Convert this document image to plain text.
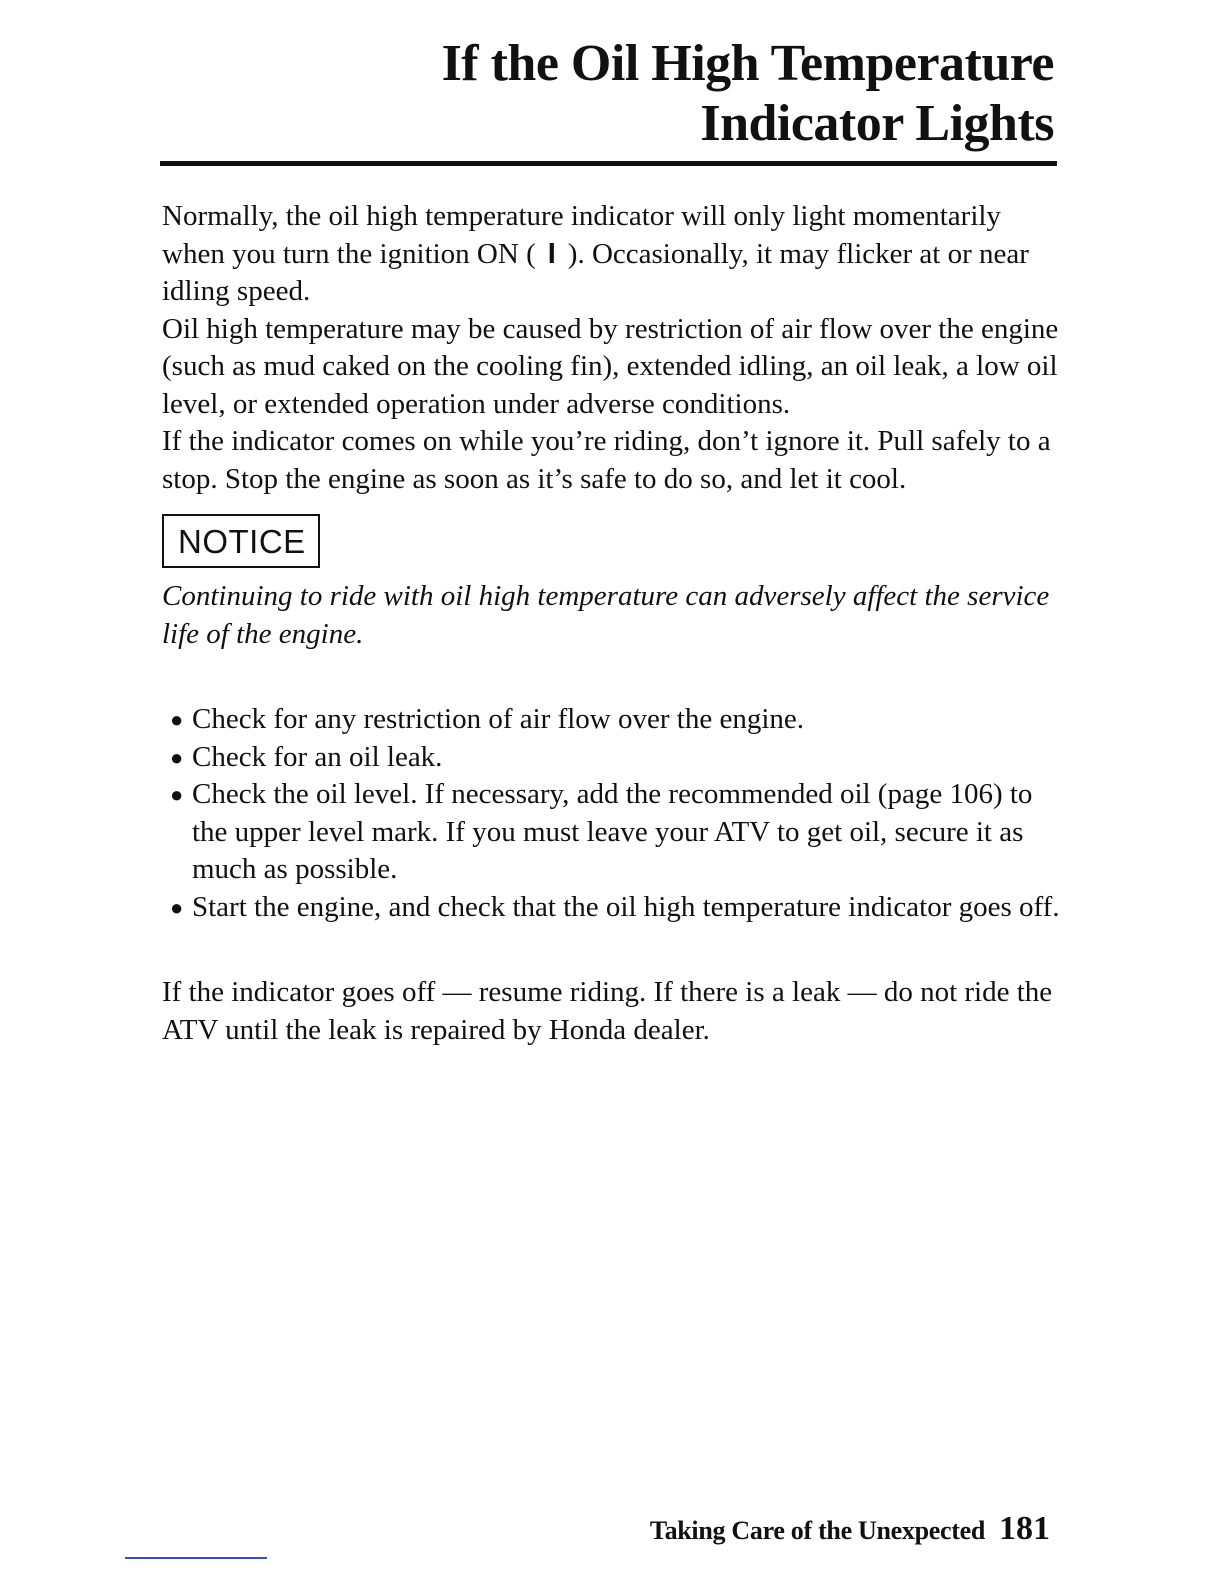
If the Oil High Temperature
Indicator Lights

Normally, the oil high temperature indicator will only light momentarily when you turn the ignition ON ( I ). Occasionally, it may flicker at or near idling speed.

Oil high temperature may be caused by restriction of air flow over the engine (such as mud caked on the cooling fin), extended idling, an oil leak, a low oil level, or extended operation under adverse conditions.

If the indicator comes on while you’re riding, don’t ignore it. Pull safely to a stop. Stop the engine as soon as it’s safe to do so, and let it cool.

NOTICE

Continuing to ride with oil high temperature can adversely affect the service life of the engine.

● Check for any restriction of air flow over the engine.
● Check for an oil leak.
● Check the oil level. If necessary, add the recommended oil (page 106) to the upper level mark. If you must leave your ATV to get oil, secure it as much as possible.
● Start the engine, and check that the oil high temperature indicator goes off.

If the indicator goes off — resume riding. If there is a leak — do not ride the ATV until the leak is repaired by Honda dealer.

Taking Care of the Unexpected 181
